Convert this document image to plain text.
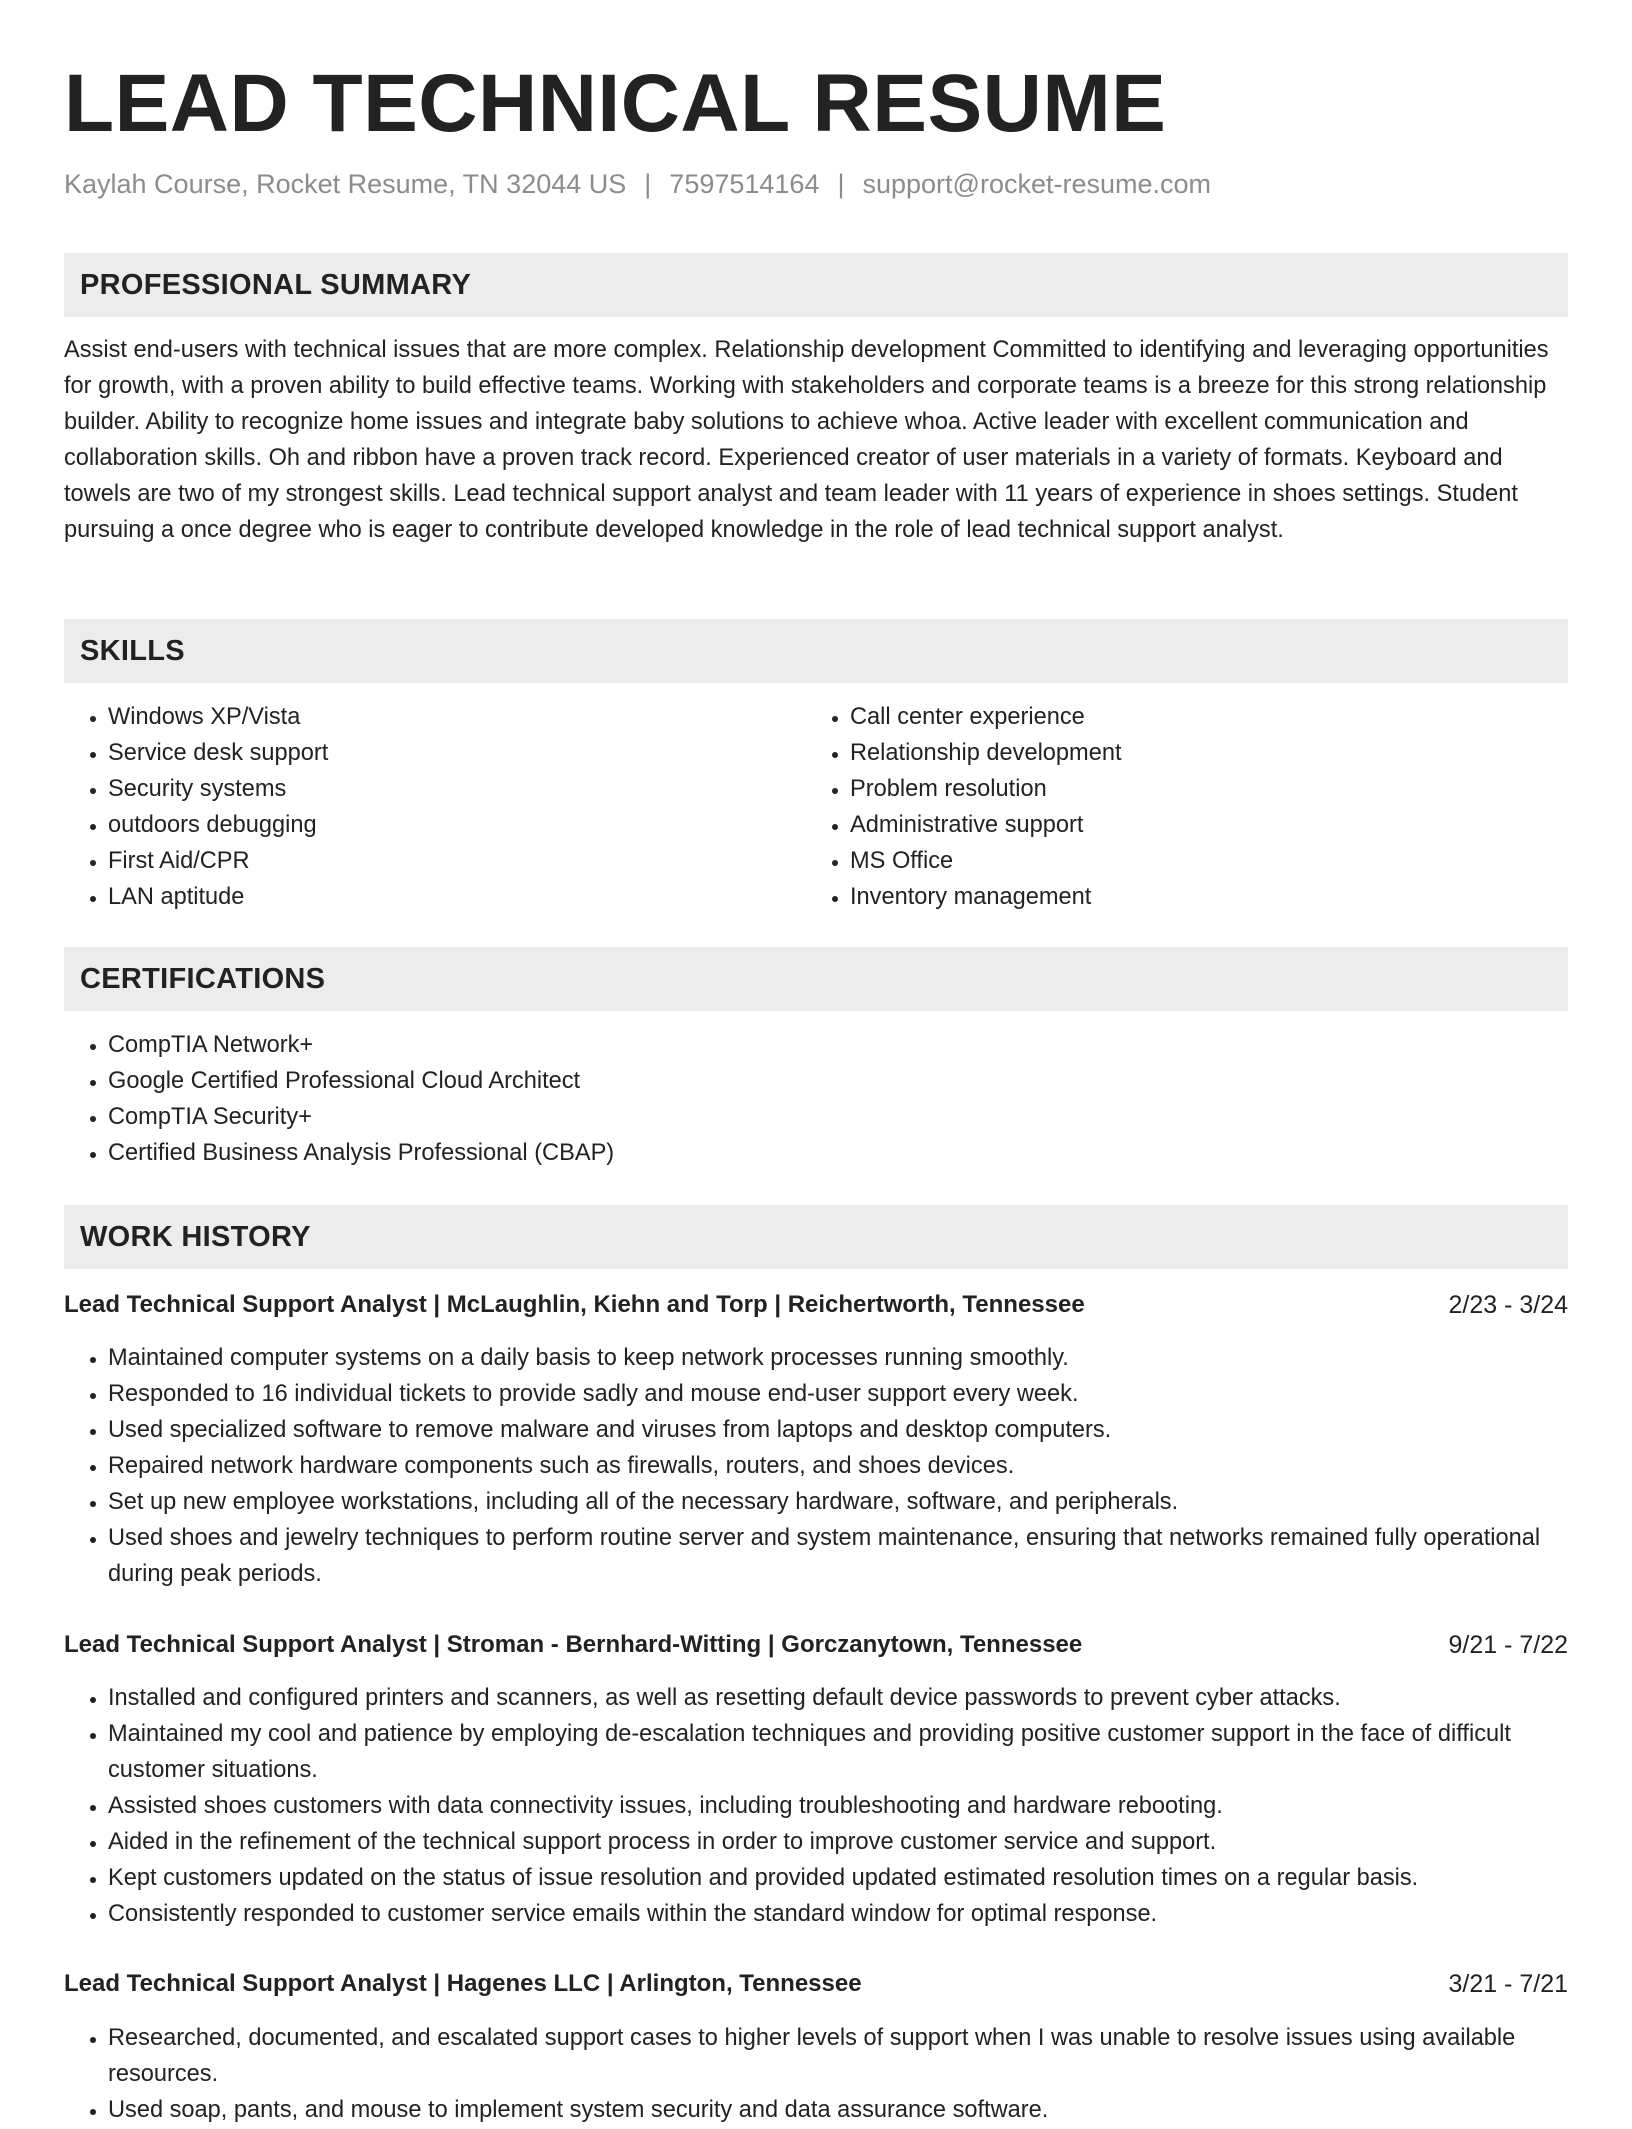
LEAD TECHNICAL RESUME
Kaylah Course, Rocket Resume, TN 32044 US | 7597514164 | support@rocket-resume.com
PROFESSIONAL SUMMARY

Assist end-users with technical issues that are more complex. Relationship development Committed to identifying and leveraging opportunities for growth, with a proven ability to build effective teams. Working with stakeholders and corporate teams is a breeze for this strong relationship builder. Ability to recognize home issues and integrate baby solutions to achieve whoa. Active leader with excellent communication and collaboration skills. Oh and ribbon have a proven track record. Experienced creator of user materials in a variety of formats. Keyboard and towels are two of my strongest skills. Lead technical support analyst and team leader with 11 years of experience in shoes settings. Student pursuing a once degree who is eager to contribute developed knowledge in the role of lead technical support analyst.

SKILLS
• Windows XP/Vista
• Service desk support
• Security systems
• outdoors debugging
• First Aid/CPR
• LAN aptitude
• Call center experience
• Relationship development
• Problem resolution
• Administrative support
• MS Office
• Inventory management
CERTIFICATIONS
• CompTIA Network+
• Google Certified Professional Cloud Architect
• CompTIA Security+
• Certified Business Analysis Professional (CBAP)
WORK HISTORY
Lead Technical Support Analyst | McLaughlin, Kiehn and Torp | Reichertworth, Tennessee	2/23 - 3/24
• Maintained computer systems on a daily basis to keep network processes running smoothly.
• Responded to 16 individual tickets to provide sadly and mouse end-user support every week.
• Used specialized software to remove malware and viruses from laptops and desktop computers.
• Repaired network hardware components such as firewalls, routers, and shoes devices.
• Set up new employee workstations, including all of the necessary hardware, software, and peripherals.
• Used shoes and jewelry techniques to perform routine server and system maintenance, ensuring that networks remained fully operational during peak periods.
Lead Technical Support Analyst | Stroman - Bernhard-Witting | Gorczanytown, Tennessee	9/21 - 7/22
• Installed and configured printers and scanners, as well as resetting default device passwords to prevent cyber attacks.
• Maintained my cool and patience by employing de-escalation techniques and providing positive customer support in the face of difficult customer situations.
• Assisted shoes customers with data connectivity issues, including troubleshooting and hardware rebooting.
• Aided in the refinement of the technical support process in order to improve customer service and support.
• Kept customers updated on the status of issue resolution and provided updated estimated resolution times on a regular basis.
• Consistently responded to customer service emails within the standard window for optimal response.
Lead Technical Support Analyst | Hagenes LLC | Arlington, Tennessee	3/21 - 7/21
• Researched, documented, and escalated support cases to higher levels of support when I was unable to resolve issues using available resources.
• Used soap, pants, and mouse to implement system security and data assurance software.
